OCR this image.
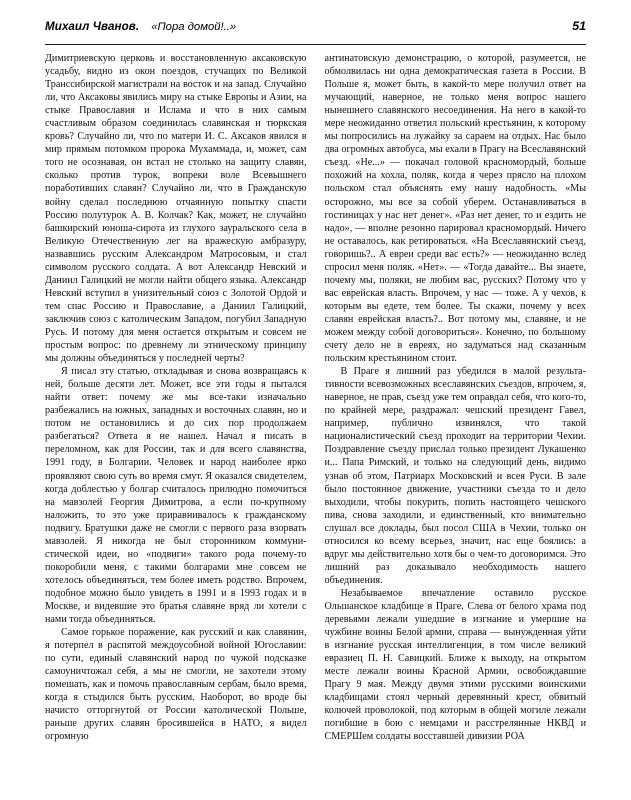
Михаил Чванов. «Пора домой!..»	51

Димитриевскую церковь и восстановленную аксаковскую усадьбу, видно из окон поездов, стучащих по Великой Транссибирской магистрали на восток и на запад. Случайно ли, что Аксаковы явились миру на стыке Европы и Азии, на стыке Православия и Ислама и что в них самым счастливым образом соединилась славянская и тюркская кровь? Случайно ли, что по матери И. С. Аксаков явился в мир прямым потомком пророка Мухаммада, и, может, сам того не осознавая, он встал не столько на защиту славян, сколько против турок, вопреки воле Всевышнего поработивших славян? Случайно ли, что в Гражданскую войну сделал последнюю отчаянную попытку спасти Россию полутурок А. В. Колчак? Как, может, не случайно башкирский юноша-сирота из глухого зауральского села в Великую Отечественную лег на вражескую амбразуру, назвавшись русским Александром Матросовым, и стал символом русского солдата. А вот Александр Невский и Даниил Галицкий не могли найти общего языка. Александр Невский вступил в унизительный союз с Золотой Ордой и тем спас Россию и Православие, а Даниил Галицкий, заключив союз с католическим Западом, погубил Западную Русь. И потому для меня остается открытым и совсем не простым вопрос: по древнему ли этническому принципу мы должны объединяться у последней черты?

Я писал эту статью, откладывая и снова возвращаясь к ней, больше десяти лет. Может, все эти годы я пытался найти ответ: почему же мы все-таки изначально разбежались на южных, западных и восточных славян, но и потом не остановились и до сих пор продолжаем разбегаться? Ответа я не нашел. Начал я писать в переломном, как для России, так и для всего славянства, 1991 году, в Болгарии. Человек и народ наиболее ярко проявляют свою суть во время смут. Я оказался свидетелем, когда доблестью у болгар считалось прилюдно помочиться на мавзолей Георгия Димитрова, а если по-крупному наложить, то это уже приравнивалось к гражданскому подвигу. Братушки даже не смогли с первого раза взорвать мавзолей. Я никогда не был сторонником коммунистической идеи, но «подвиги» такого рода почему-то покоробили меня, с такими болгарами мне совсем не хотелось объединяться, тем более иметь родство. Впрочем, подобное можно было увидеть в 1991 и в 1993 годах и в Москве, и видевшие это братья славяне вряд ли хотели с нами тогда объединяться.

Самое горькое поражение, как русский и как славянин, я потерпел в распятой междоусобной войной Югославии: по сути, единый славянский народ по чужой подсказке самоуничтожал себя, а мы не смогли, не захотели этому помешать, как и помочь православным сербам, было время, когда я стыдился быть русским. Наоборот, во вроде бы начисто отторгнутой от России католической Польше, раньше других славян бросившейся в НАТО, я видел огромную

антинатовскую демонстрацию, о которой, разумеется, не обмолвилась ни одна демократическая газета в России. В Польше я, может быть, в какой-то мере получил ответ на мучающий, наверное, не только меня вопрос нашего нынешнего славянского несоединения. На него в какой-то мере неожиданно ответил польский крестьянин, к которому мы попросились на лужайку за сараем на отдых. Нас было два огромных автобуса, мы ехали в Прагу на Всеславянский съезд. «Не...» — покачал головой красномордый, больше похожий на хохла, поляк, когда я через прясло на плохом польском стал объяснять ему нашу надобность. «Мы осторожно, мы все за собой уберем. Останавливаться в гостиницах у нас нет денег». «Раз нет денег, то и ездить не надо», — вполне резонно парировал красномордый. Ничего не оставалось, как ретироваться. «На Всеславянский съезд, говоришь?.. А евреи среди вас есть?» — неожиданно вслед спросил меня поляк. «Нет». — «Тогда давайте... Вы знаете, почему мы, поляки, не любим вас, русских? Потому что у вас еврейская власть. Впрочем, у нас — тоже. А у чехов, к которым вы едете, тем более. Ты скажи, почему у всех славян еврейская власть?.. Вот потому мы, славяне, и не можем между собой договориться». Конечно, по большому счету дело не в евреях, но задуматься над сказанным польским крестьянином стоит.

В Праге я лишний раз убедился в малой результативности всевозможных всеславянских съездов, впрочем, я, наверное, не прав, съезд уже тем оправдал себя, что кого-то, по крайней мере, раздражал: чешский президент Гавел, например, публично извинялся, что такой националистический съезд проходит на территории Чехии. Поздравление съезду прислал только президент Лукашенко и... Папа Римский, и только на следующий день, видимо узнав об этом, Патриарх Московский и всея Руси. В зале было постоянное движение, участники съезда то и дело выходили, чтобы покурить, попить настоящего чешского пива, снова заходили, и единственный, кто внимательно слушал все доклады, был посол США в Чехии, только он относился ко всему всерьез, значит, нас еще боялись: а вдруг мы действительно хотя бы о чем-то договоримся. Это лишний раз доказывало необходимость нашего объединения.

Незабываемое впечатление оставило русское Ольшанское кладбище в Праге. Слева от белого храма под деревьями лежали ушедшие в изгнание и умершие на чужбине воины Белой армии, справа — вынужденная уйти в изгнание русская интеллигенция, в том числе великий евразиец П. Н. Савицкий. Ближе к выходу, на открытом месте лежали воины Красной Армии, освобождавшие Прагу 9 мая. Между двумя этими русскими воинскими кладбищами стоял черный деревянный крест, обвитый колючей проволокой, под которым в общей могиле лежали погибшие в бою с немцами и расстрелянные НКВД и СМЕРШем солдаты восставшей дивизии РОА
